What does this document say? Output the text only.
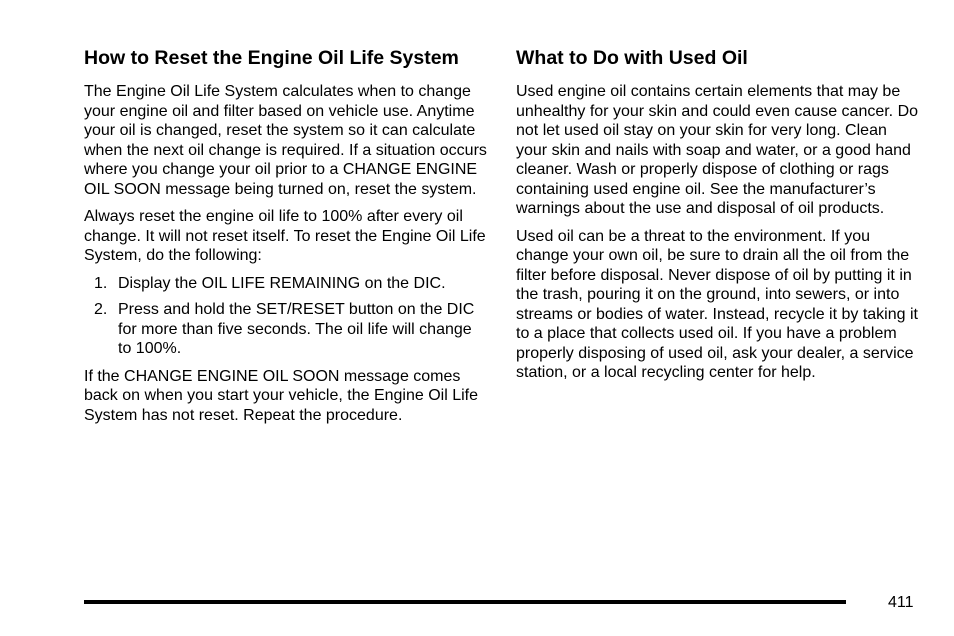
How to Reset the Engine Oil Life System

The Engine Oil Life System calculates when to change your engine oil and filter based on vehicle use. Anytime your oil is changed, reset the system so it can calculate when the next oil change is required. If a situation occurs where you change your oil prior to a CHANGE ENGINE OIL SOON message being turned on, reset the system.

Always reset the engine oil life to 100% after every oil change. It will not reset itself. To reset the Engine Oil Life System, do the following:

1. Display the OIL LIFE REMAINING on the DIC.
2. Press and hold the SET/RESET button on the DIC for more than five seconds. The oil life will change to 100%.

If the CHANGE ENGINE OIL SOON message comes back on when you start your vehicle, the Engine Oil Life System has not reset. Repeat the procedure.

What to Do with Used Oil

Used engine oil contains certain elements that may be unhealthy for your skin and could even cause cancer. Do not let used oil stay on your skin for very long. Clean your skin and nails with soap and water, or a good hand cleaner. Wash or properly dispose of clothing or rags containing used engine oil. See the manufacturer’s warnings about the use and disposal of oil products.

Used oil can be a threat to the environment. If you change your own oil, be sure to drain all the oil from the filter before disposal. Never dispose of oil by putting it in the trash, pouring it on the ground, into sewers, or into streams or bodies of water. Instead, recycle it by taking it to a place that collects used oil. If you have a problem properly disposing of used oil, ask your dealer, a service station, or a local recycling center for help.

411
